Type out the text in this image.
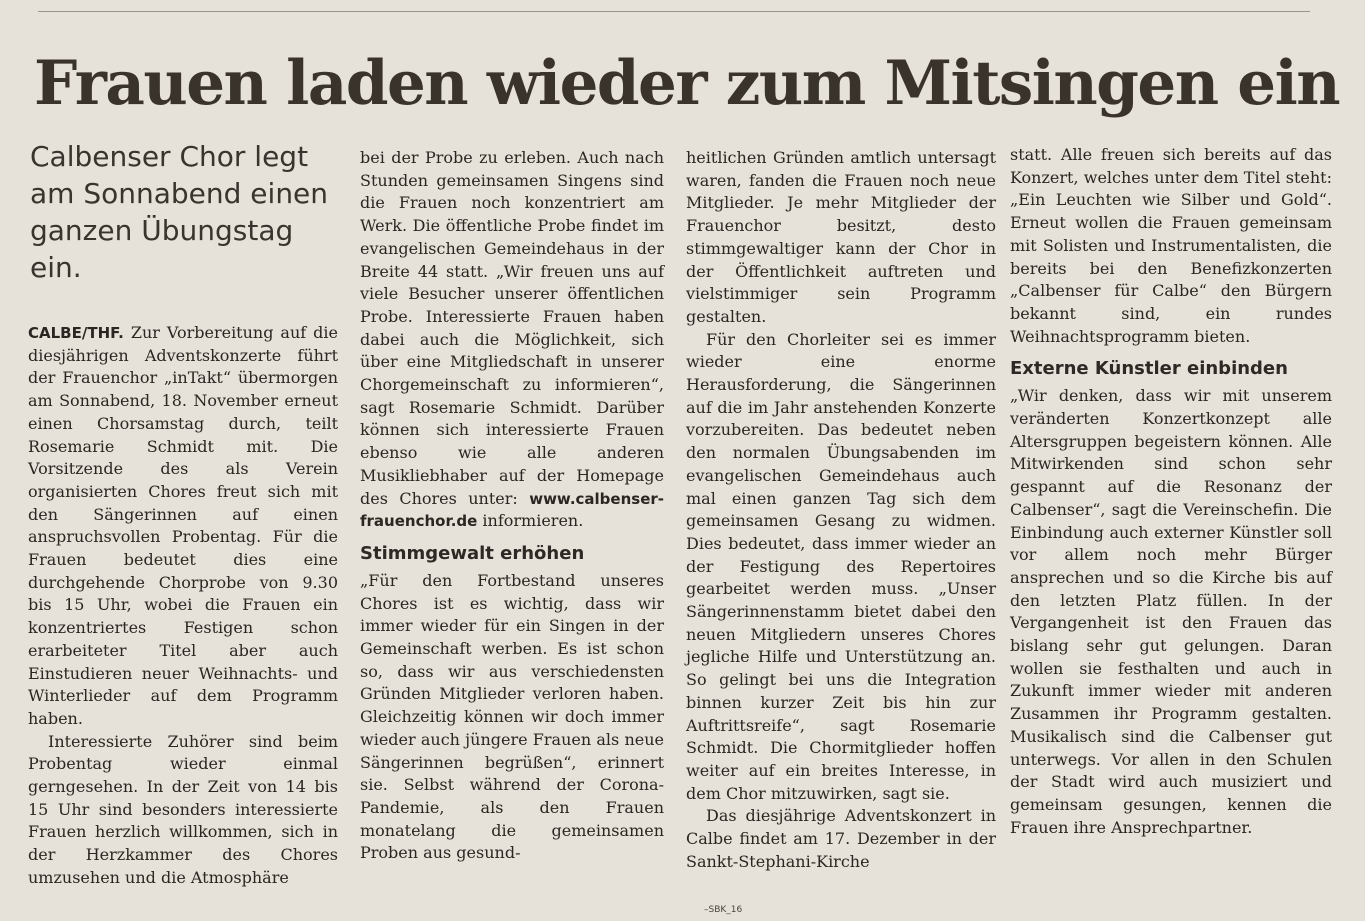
Frauen laden wieder zum Mitsingen ein
Calbenser Chor legt am Sonnabend einen ganzen Übungstag ein.

CALBE/THF. Zur Vorbereitung auf die diesjährigen Adventskonzerte führt der Frauenchor „inTakt“ übermorgen am Sonnabend, 18. November erneut einen Chorsamstag durch, teilt Rosemarie Schmidt mit. Die Vorsitzende des als Verein organisierten Chores freut sich mit den Sängerinnen auf einen anspruchsvollen Probentag. Für die Frauen bedeutet dies eine durchgehende Chorprobe von 9.30 bis 15 Uhr, wobei die Frauen ein konzentriertes Festigen schon erarbeiteter Titel aber auch Einstudieren neuer Weihnachts- und Winterlieder auf dem Programm haben.

Interessierte Zuhörer sind beim Probentag wieder einmal gerngesehen. In der Zeit von 14 bis 15 Uhr sind besonders interessierte Frauen herzlich willkommen, sich in der Herzkammer des Chores umzusehen und die Atmosphäre

bei der Probe zu erleben. Auch nach Stunden gemeinsamen Singens sind die Frauen noch konzentriert am Werk. Die öffentliche Probe findet im evangelischen Gemeindehaus in der Breite 44 statt. „Wir freuen uns auf viele Besucher unserer öffentlichen Probe. Interessierte Frauen haben dabei auch die Möglichkeit, sich über eine Mitgliedschaft in unserer Chorgemeinschaft zu informieren“, sagt Rosemarie Schmidt. Darüber können sich interessierte Frauen ebenso wie alle anderen Musikliebhaber auf der Homepage des Chores unter: www.calbenser-frauenchor.de informieren.

Stimmgewalt erhöhen

„Für den Fortbestand unseres Chores ist es wichtig, dass wir immer wieder für ein Singen in der Gemeinschaft werben. Es ist schon so, dass wir aus verschiedensten Gründen Mitglieder verloren haben. Gleichzeitig können wir doch immer wieder auch jüngere Frauen als neue Sängerinnen begrüßen“, erinnert sie. Selbst während der Corona-Pandemie, als den Frauen monatelang die gemeinsamen Proben aus gesund-

heitlichen Gründen amtlich untersagt waren, fanden die Frauen noch neue Mitglieder. Je mehr Mitglieder der Frauenchor besitzt, desto stimmgewaltiger kann der Chor in der Öffentlichkeit auftreten und vielstimmiger sein Programm gestalten.

Für den Chorleiter sei es immer wieder eine enorme Herausforderung, die Sängerinnen auf die im Jahr anstehenden Konzerte vorzubereiten. Das bedeutet neben den normalen Übungsabenden im evangelischen Gemeindehaus auch mal einen ganzen Tag sich dem gemeinsamen Gesang zu widmen. Dies bedeutet, dass immer wieder an der Festigung des Repertoires gearbeitet werden muss. „Unser Sängerinnenstamm bietet dabei den neuen Mitgliedern unseres Chores jegliche Hilfe und Unterstützung an. So gelingt bei uns die Integration binnen kurzer Zeit bis hin zur Auftrittsreife“, sagt Rosemarie Schmidt. Die Chormitglieder hoffen weiter auf ein breites Interesse, in dem Chor mitzuwirken, sagt sie.

Das diesjährige Adventskonzert in Calbe findet am 17. Dezember in der Sankt-Stephani-Kirche

statt. Alle freuen sich bereits auf das Konzert, welches unter dem Titel steht: „Ein Leuchten wie Silber und Gold“. Erneut wollen die Frauen gemeinsam mit Solisten und Instrumentalisten, die bereits bei den Benefizkonzerten „Calbenser für Calbe“ den Bürgern bekannt sind, ein rundes Weihnachtsprogramm bieten.

Externe Künstler einbinden

„Wir denken, dass wir mit unserem veränderten Konzertkonzept alle Altersgruppen begeistern können. Alle Mitwirkenden sind schon sehr gespannt auf die Resonanz der Calbenser“, sagt die Vereinschefin. Die Einbindung auch externer Künstler soll vor allem noch mehr Bürger ansprechen und so die Kirche bis auf den letzten Platz füllen. In der Vergangenheit ist den Frauen das bislang sehr gut gelungen. Daran wollen sie festhalten und auch in Zukunft immer wieder mit anderen Zusammen ihr Programm gestalten. Musikalisch sind die Calbenser gut unterwegs. Vor allen in den Schulen der Stadt wird auch musiziert und gemeinsam gesungen, kennen die Frauen ihre Ansprechpartner.

–SBK_16
